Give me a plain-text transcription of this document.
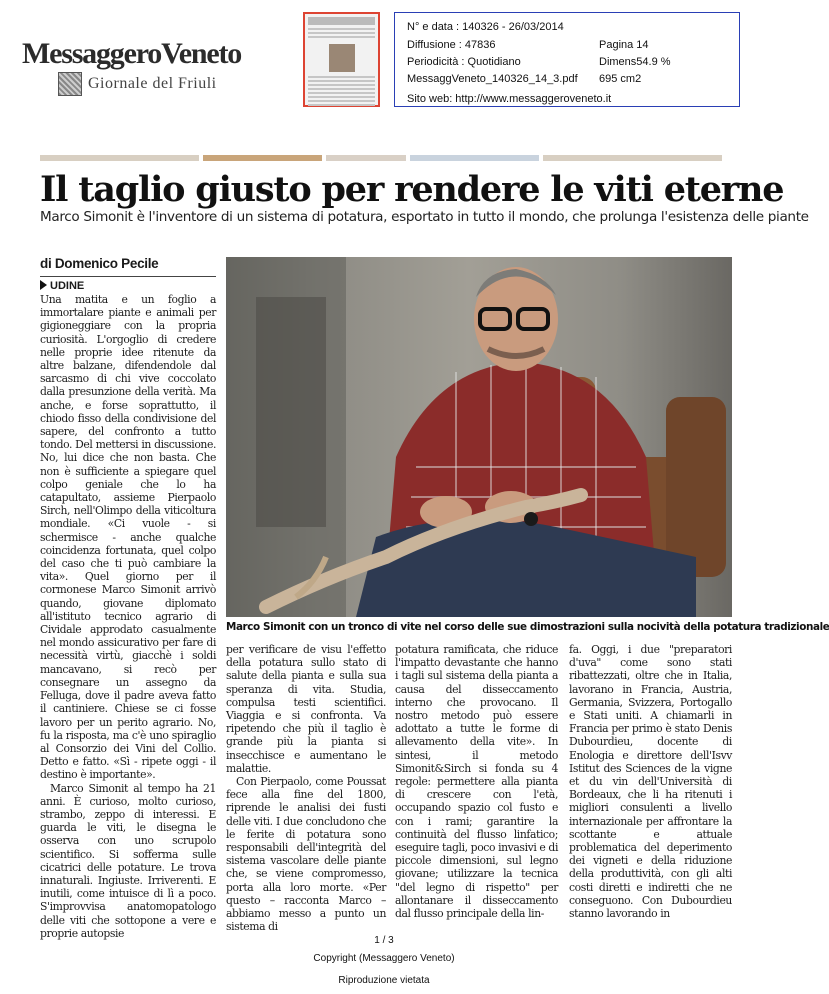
MessaggeroVeneto
Giornale del Friuli
N° e data : 140326 - 26/03/2014
Diffusione : 47836
Periodicità : Quotidiano
MessaggVeneto_140326_14_3.pdf
Pagina 14
Dimens54.9 %
695 cm2
Sito web: http://www.messaggeroveneto.it
Il taglio giusto per rendere le viti eterne
Marco Simonit è l'inventore di un sistema di potatura, esportato in tutto il mondo, che prolunga l'esistenza delle piante
di Domenico Pecile
UDINE

Una matita e un foglio a immortalare piante e animali per gigioneggiare con la propria curiosità. L'orgoglio di credere nelle proprie idee ritenute da altre balzane, difendendole dal sarcasmo di chi vive coccolato dalla presunzione della verità. Ma anche, e forse soprattutto, il chiodo fisso della condivisione del sapere, del confronto a tutto tondo. Del mettersi in discussione. No, lui dice che non basta. Che non è sufficiente a spiegare quel colpo geniale che lo ha catapultato, assieme Pierpaolo Sirch, nell'Olimpo della viticoltura mondiale. «Ci vuole - si schermisce - anche qualche coincidenza fortunata, quel colpo del caso che ti può cambiare la vita». Quel giorno per il cormonese Marco Simonit arrivò quando, giovane diplomato all'istituto tecnico agrario di Cividale approdato casualmente nel mondo assicurativo per fare di necessità virtù, giacchè i soldi mancavano, si recò per consegnare un assegno da Felluga, dove il padre aveva fatto il cantiniere. Chiese se ci fosse lavoro per un perito agrario. No, fu la risposta, ma c'è uno spiraglio al Consorzio dei Vini del Collio. Detto e fatto. «Sì - ripete oggi - il destino è importante».

Marco Simonit al tempo ha 21 anni. È curioso, molto curioso, strambo, zeppo di interessi. E guarda le viti, le disegna le osserva con uno scrupolo scientifico. Si sofferma sulle cicatrici delle potature. Le trova innaturali. Ingiuste. Irriverenti. E inutili, come intuisce di lì a poco. S'improvvisa anatomopatologo delle viti che sottopone a vere e proprie autopsie

Marco Simonit con un tronco di vite nel corso delle sue dimostrazioni sulla nocività della potatura tradizionale

per verificare de visu l'effetto della potatura sullo stato di salute della pianta e sulla sua speranza di vita. Studia, compulsa testi scientifici. Viaggia e si confronta. Va ripetendo che più il taglio è grande più la pianta si insecchisce e aumentano le malattie.

Con Pierpaolo, come Poussat fece alla fine del 1800, riprende le analisi dei fusti delle viti. I due concludono che le ferite di potatura sono responsabili dell'integrità del sistema vascolare delle piante che, se viene compromesso, porta alla loro morte. «Per questo – racconta Marco – abbiamo messo a punto un sistema di

potatura ramificata, che riduce l'impatto devastante che hanno i tagli sul sistema della pianta a causa del disseccamento interno che provocano. Il nostro metodo può essere adottato a tutte le forme di allevamento della vite». In sintesi, il metodo Simonit&Sirch si fonda su 4 regole: permettere alla pianta di crescere con l'età, occupando spazio col fusto e con i rami; garantire la continuità del flusso linfatico; eseguire tagli, poco invasivi e di piccole dimensioni, sul legno giovane; utilizzare la tecnica "del legno di rispetto" per allontanare il disseccamento dal flusso principale della lin-

fa. Oggi, i due "preparatori d'uva" come sono stati ribattezzati, oltre che in Italia, lavorano in Francia, Austria, Germania, Svizzera, Portogallo e Stati uniti. A chiamarli in Francia per primo è stato Denis Dubourdieu, docente di Enologia e direttore dell'Isvv Istitut des Sciences de la vigne et du vin dell'Università di Bordeaux, che li ha ritenuti i migliori consulenti a livello internazionale per affrontare la scottante e attuale problematica del deperimento dei vigneti e della riduzione della produttività, con gli alti costi diretti e indiretti che ne conseguono. Con Dubourdieu stanno lavorando in

1 / 3
Copyright (Messaggero Veneto)
Riproduzione vietata
